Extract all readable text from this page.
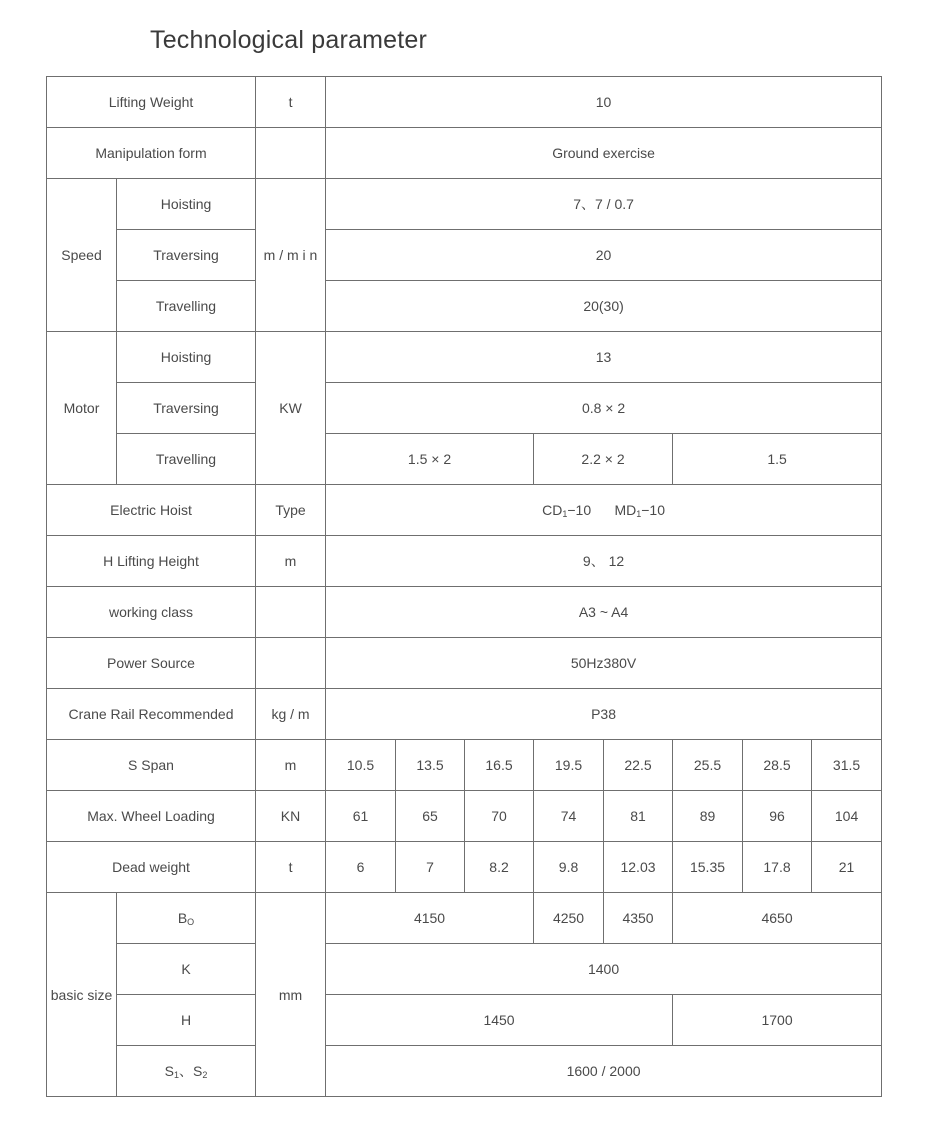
Technological parameter
Lifting Weight		t	10							
Manipulation form			Ground exercise							
Speed	Hoisting	m / m i n	7、7 / 0.7							
	Traversing		20							
	Travelling		20(30)							
Motor	Hoisting	KW	13							
	Traversing		0.8 × 2							
	Travelling		1.5 × 2			2.2 × 2		1.5		
Electric Hoist		Type	$CD_1-10$ $MD_1-10$							
H Lifting Height		m	9、 12							
working class			A3 ~ A4							
Power Source			50Hz380V							
Crane Rail Recommended		kg / m	P38							
S Span		m	10.5	13.5	16.5	19.5	22.5	25.5	28.5	31.5
Max. Wheel Loading		KN	61	65	70	74	81	89	96	104
Dead weight		t	6	7	8.2	9.8	12.03	15.35	17.8	21
basic size	$B_O$	mm	4150			4250	4350	4650		
	K		1400							
	H		1450					1700		
	$S_1$、$S_2$		1600 / 2000							
